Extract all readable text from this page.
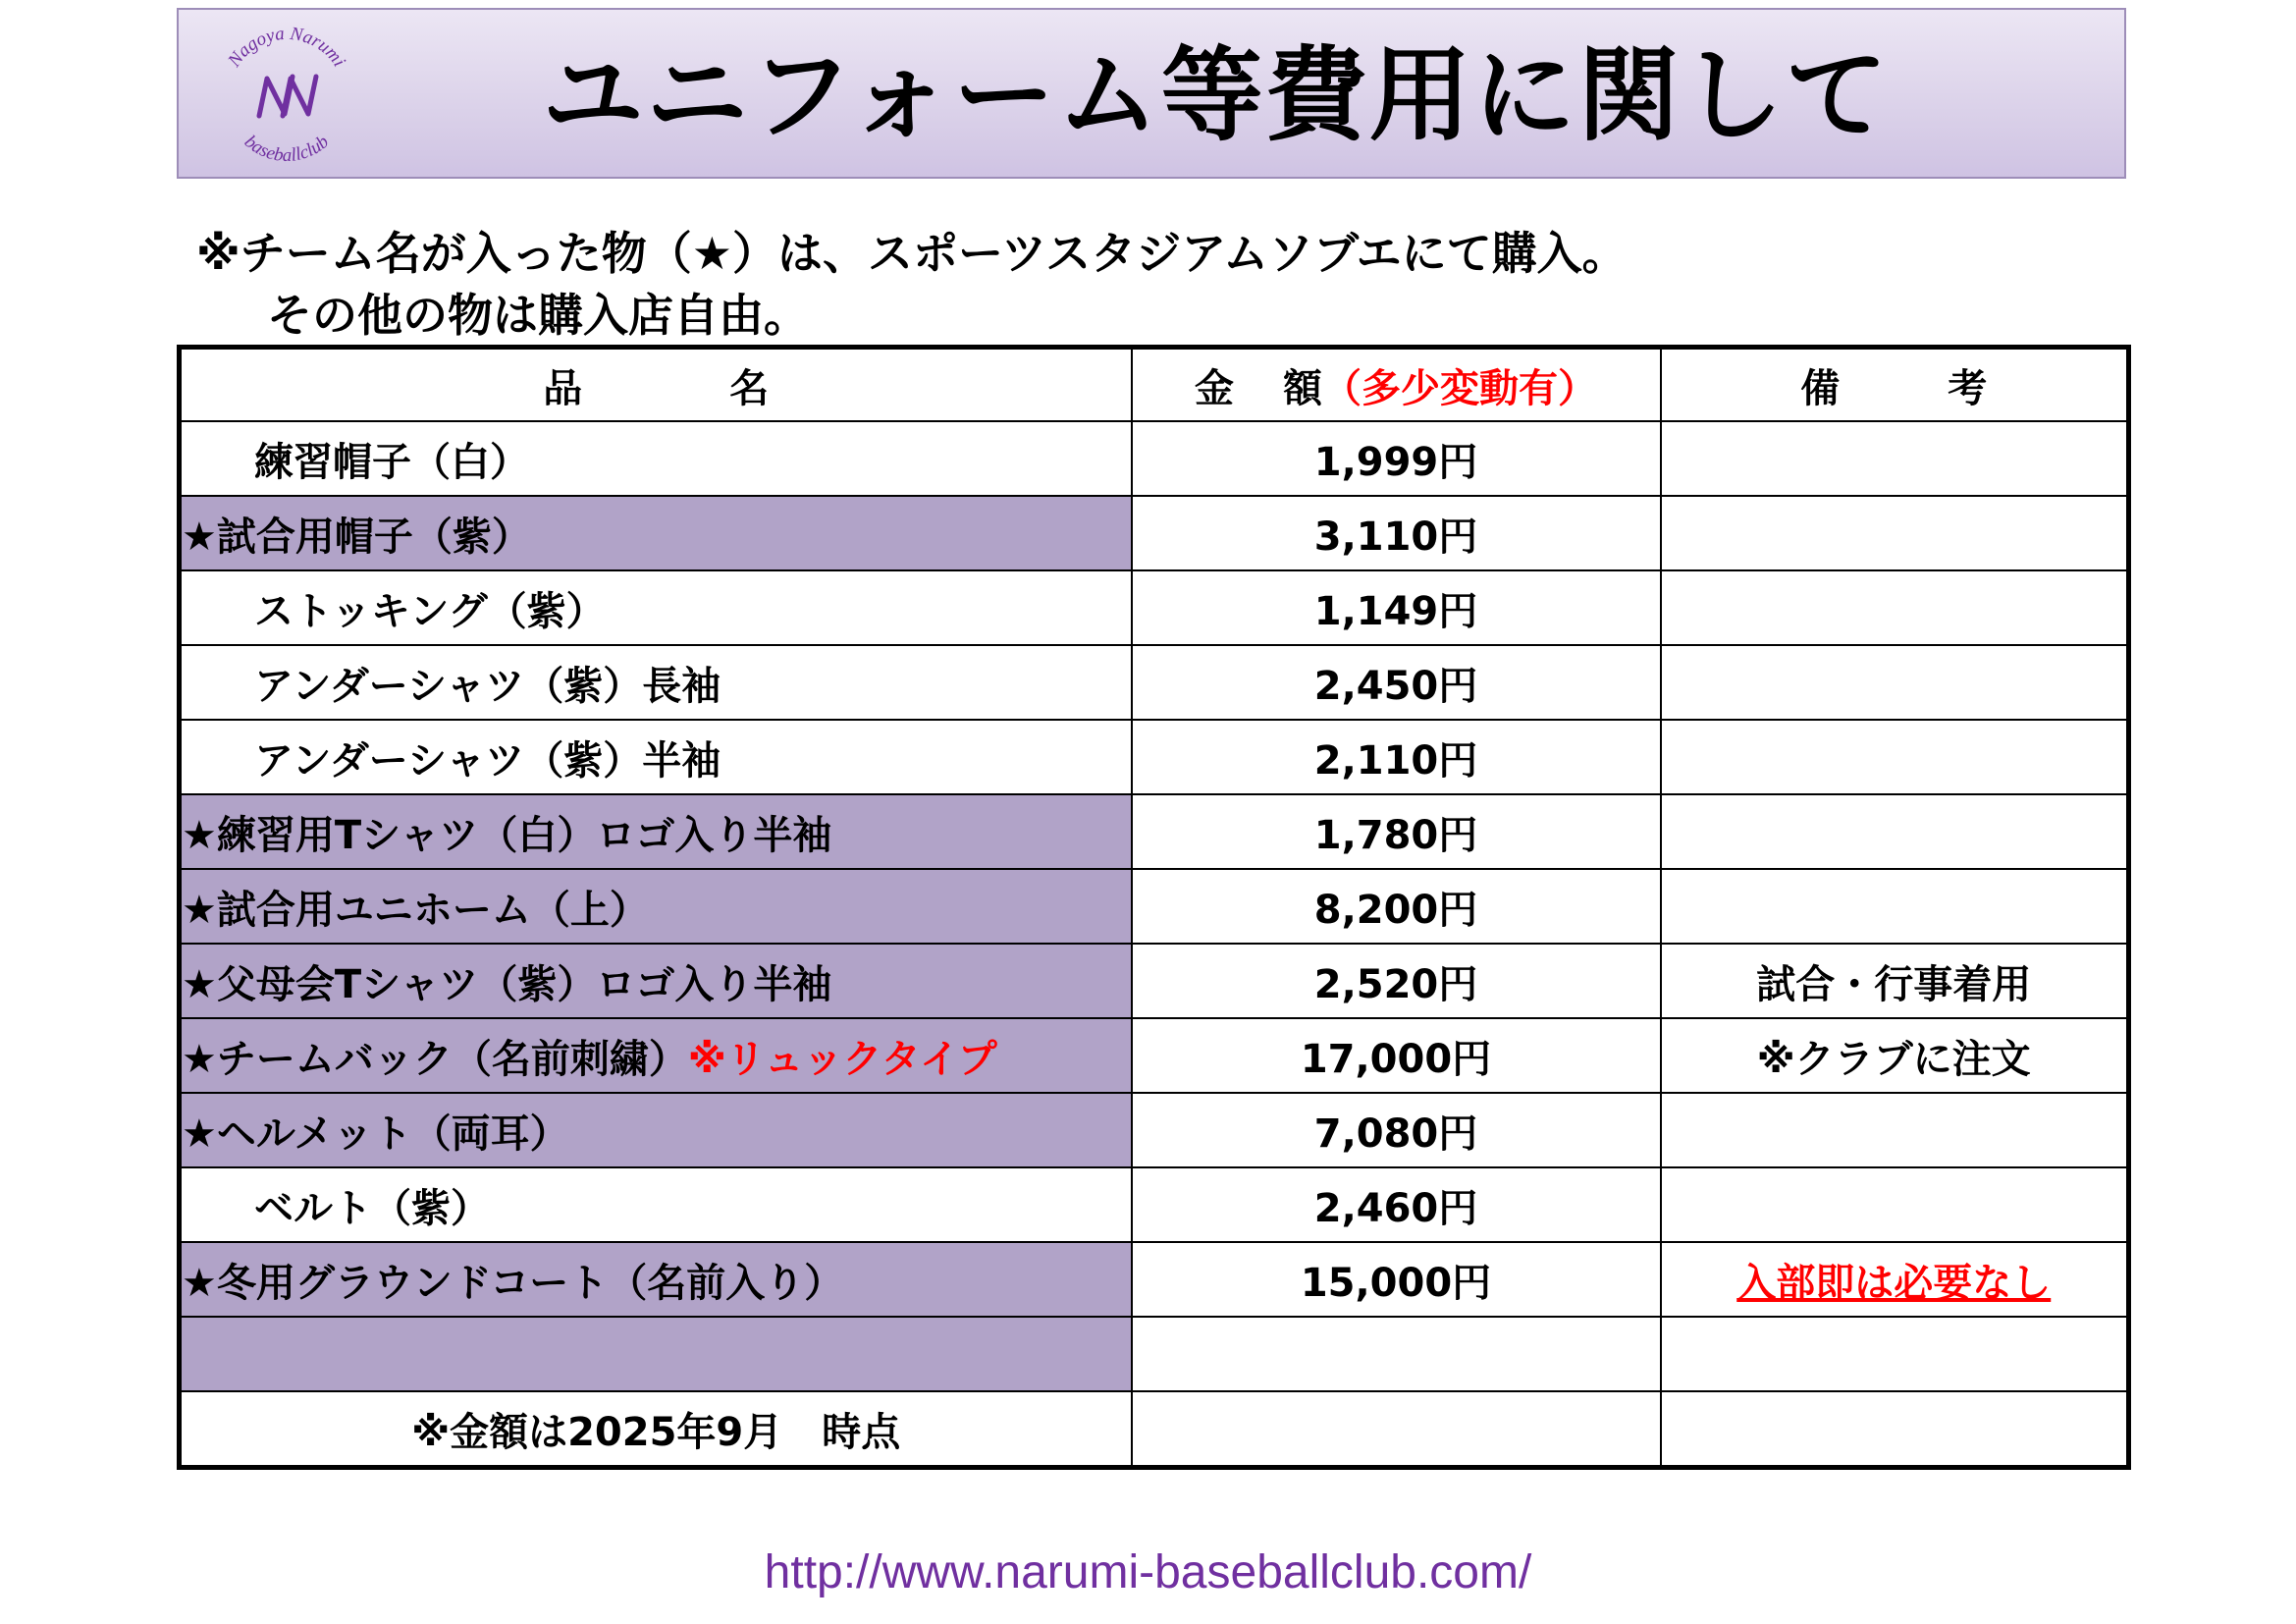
Nagoya Narumi
baseballclub ユニフォーム等費用に関して
※チーム名が入った物（★）は、スポーツスタジアムソブエにて購入。
その他の物は購入店自由。
品 名	金 額（多少変動有）	備 考
練習帽子（白）	1,999円	
★試合用帽子（紫）	3,110円	
ストッキング（紫）	1,149円	
アンダーシャツ（紫）長袖	2,450円	
アンダーシャツ（紫）半袖	2,110円	
★練習用Tシャツ（白）ロゴ入り半袖	1,780円	
★試合用ユニホーム（上）	8,200円	
★父母会Tシャツ（紫）ロゴ入り半袖	2,520円	試合・行事着用
★チームバック（名前刺繍）※リュックタイプ	17,000円	※クラブに注文
★ヘルメット（両耳）	7,080円	
ベルト（紫）	2,460円	
★冬用グラウンドコート（名前入り）	15,000円	入部即は必要なし

※金額は2025年9月　時点		
http://www.narumi-baseballclub.com/
